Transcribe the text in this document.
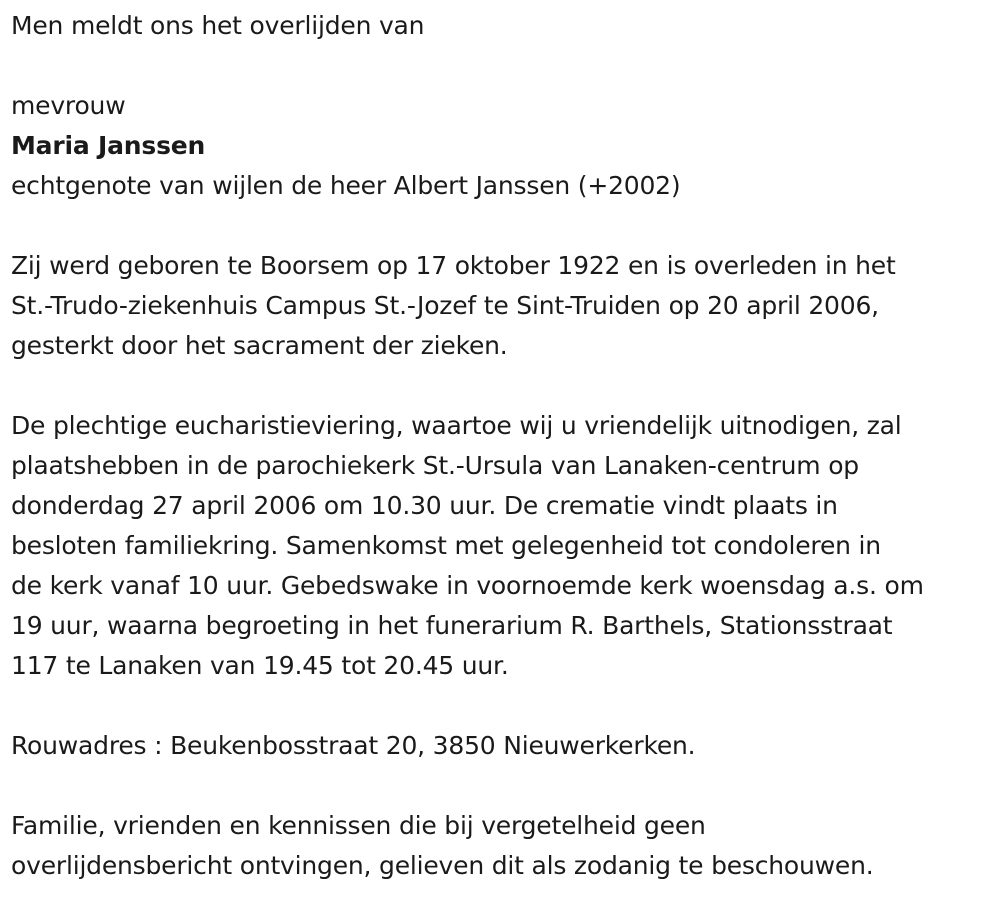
Men meldt ons het overlijden van

mevrouw

Maria Janssen

echtgenote van wijlen de heer Albert Janssen (+2002)

Zij werd geboren te Boorsem op 17 oktober 1922 en is overleden in het
St.-Trudo-ziekenhuis Campus St.-Jozef te Sint-Truiden op 20 april 2006,
gesterkt door het sacrament der zieken.

De plechtige eucharistieviering, waartoe wij u vriendelijk uitnodigen, zal
plaatshebben in de parochiekerk St.-Ursula van Lanaken-centrum op
donderdag 27 april 2006 om 10.30 uur. De crematie vindt plaats in
besloten familiekring. Samenkomst met gelegenheid tot condoleren in
de kerk vanaf 10 uur. Gebedswake in voornoemde kerk woensdag a.s. om
19 uur, waarna begroeting in het funerarium R. Barthels, Stationsstraat
117 te Lanaken van 19.45 tot 20.45 uur.

Rouwadres : Beukenbosstraat 20, 3850 Nieuwerkerken.

Familie, vrienden en kennissen die bij vergetelheid geen
overlijdensbericht ontvingen, gelieven dit als zodanig te beschouwen.
